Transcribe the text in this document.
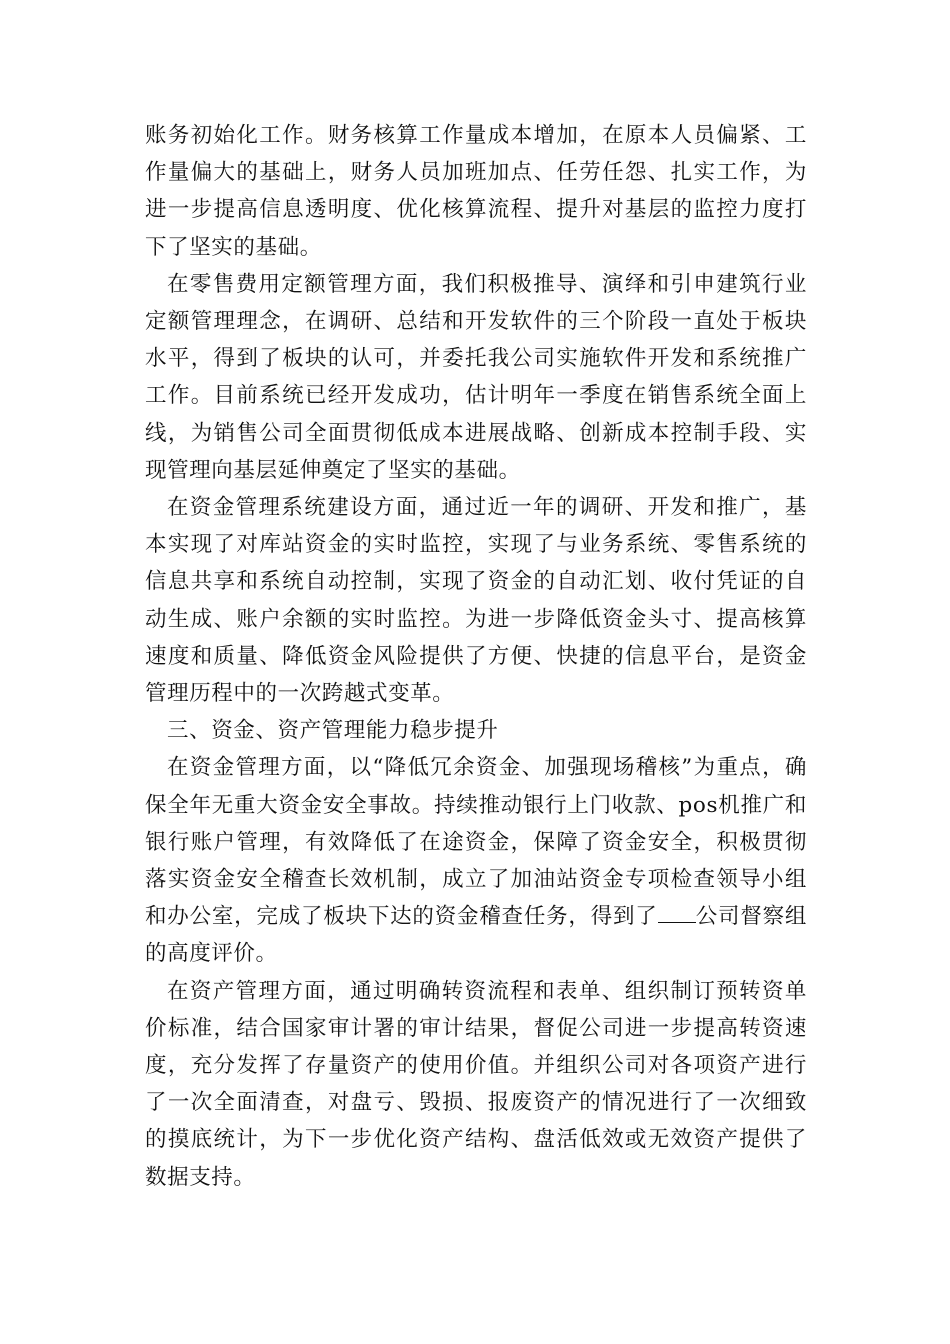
账务初始化工作。财务核算工作量成本增加，在原本人员偏紧、工作量偏大的基础上，财务人员加班加点、任劳任怨、扎实工作，为进一步提高信息透明度、优化核算流程、提升对基层的监控力度打下了坚实的基础。

在零售费用定额管理方面，我们积极推导、演绎和引申建筑行业定额管理理念，在调研、总结和开发软件的三个阶段一直处于板块水平，得到了板块的认可，并委托我公司实施软件开发和系统推广工作。目前系统已经开发成功，估计明年一季度在销售系统全面上线，为销售公司全面贯彻低成本进展战略、创新成本控制手段、实现管理向基层延伸奠定了坚实的基础。

在资金管理系统建设方面，通过近一年的调研、开发和推广，基本实现了对库站资金的实时监控，实现了与业务系统、零售系统的信息共享和系统自动控制，实现了资金的自动汇划、收付凭证的自动生成、账户余额的实时监控。为进一步降低资金头寸、提高核算速度和质量、降低资金风险提供了方便、快捷的信息平台，是资金管理历程中的一次跨越式变革。

三、资金、资产管理能力稳步提升

在资金管理方面，以“降低冗余资金、加强现场稽核”为重点，确保全年无重大资金安全事故。持续推动银行上门收款、pos机推广和银行账户管理，有效降低了在途资金，保障了资金安全，积极贯彻落实资金安全稽查长效机制，成立了加油站资金专项检查领导小组和办公室，完成了板块下达的资金稽查任务，得到了 公司督察组的高度评价。

在资产管理方面，通过明确转资流程和表单、组织制订预转资单价标准，结合国家审计署的审计结果，督促公司进一步提高转资速度，充分发挥了存量资产的使用价值。并组织公司对各项资产进行了一次全面清查，对盘亏、毁损、报废资产的情况进行了一次细致的摸底统计，为下一步优化资产结构、盘活低效或无效资产提供了数据支持。
